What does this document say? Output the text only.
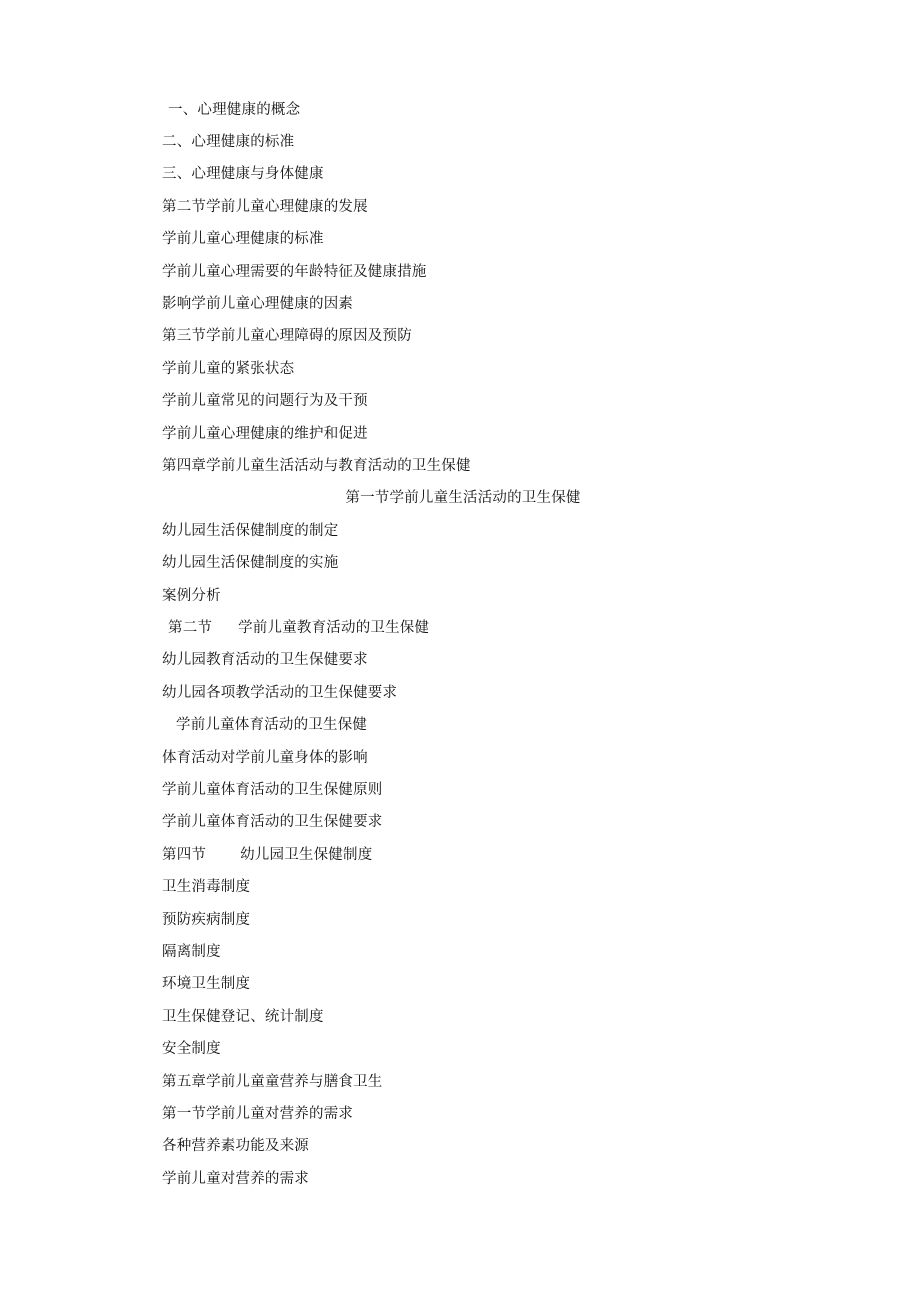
一、心理健康的概念
二、心理健康的标准
三、心理健康与身体健康
第二节学前儿童心理健康的发展
学前儿童心理健康的标准
学前儿童心理需要的年龄特征及健康措施
影响学前儿童心理健康的因素
第三节学前儿童心理障碍的原因及预防
学前儿童的紧张状态
学前儿童常见的问题行为及干预
学前儿童心理健康的维护和促进
第四章学前儿童生活活动与教育活动的卫生保健
第一节学前儿童生活活动的卫生保健
幼儿园生活保健制度的制定
幼儿园生活保健制度的实施
案例分析
第二节 学前儿童教育活动的卫生保健
幼儿园教育活动的卫生保健要求
幼儿园各项教学活动的卫生保健要求
学前儿童体育活动的卫生保健
体育活动对学前儿童身体的影响
学前儿童体育活动的卫生保健原则
学前儿童体育活动的卫生保健要求
第四节 幼儿园卫生保健制度
卫生消毒制度
预防疾病制度
隔离制度
环境卫生制度
卫生保健登记、统计制度
安全制度
第五章学前儿童童营养与膳食卫生
第一节学前儿童对营养的需求
各种营养素功能及来源
学前儿童对营养的需求
